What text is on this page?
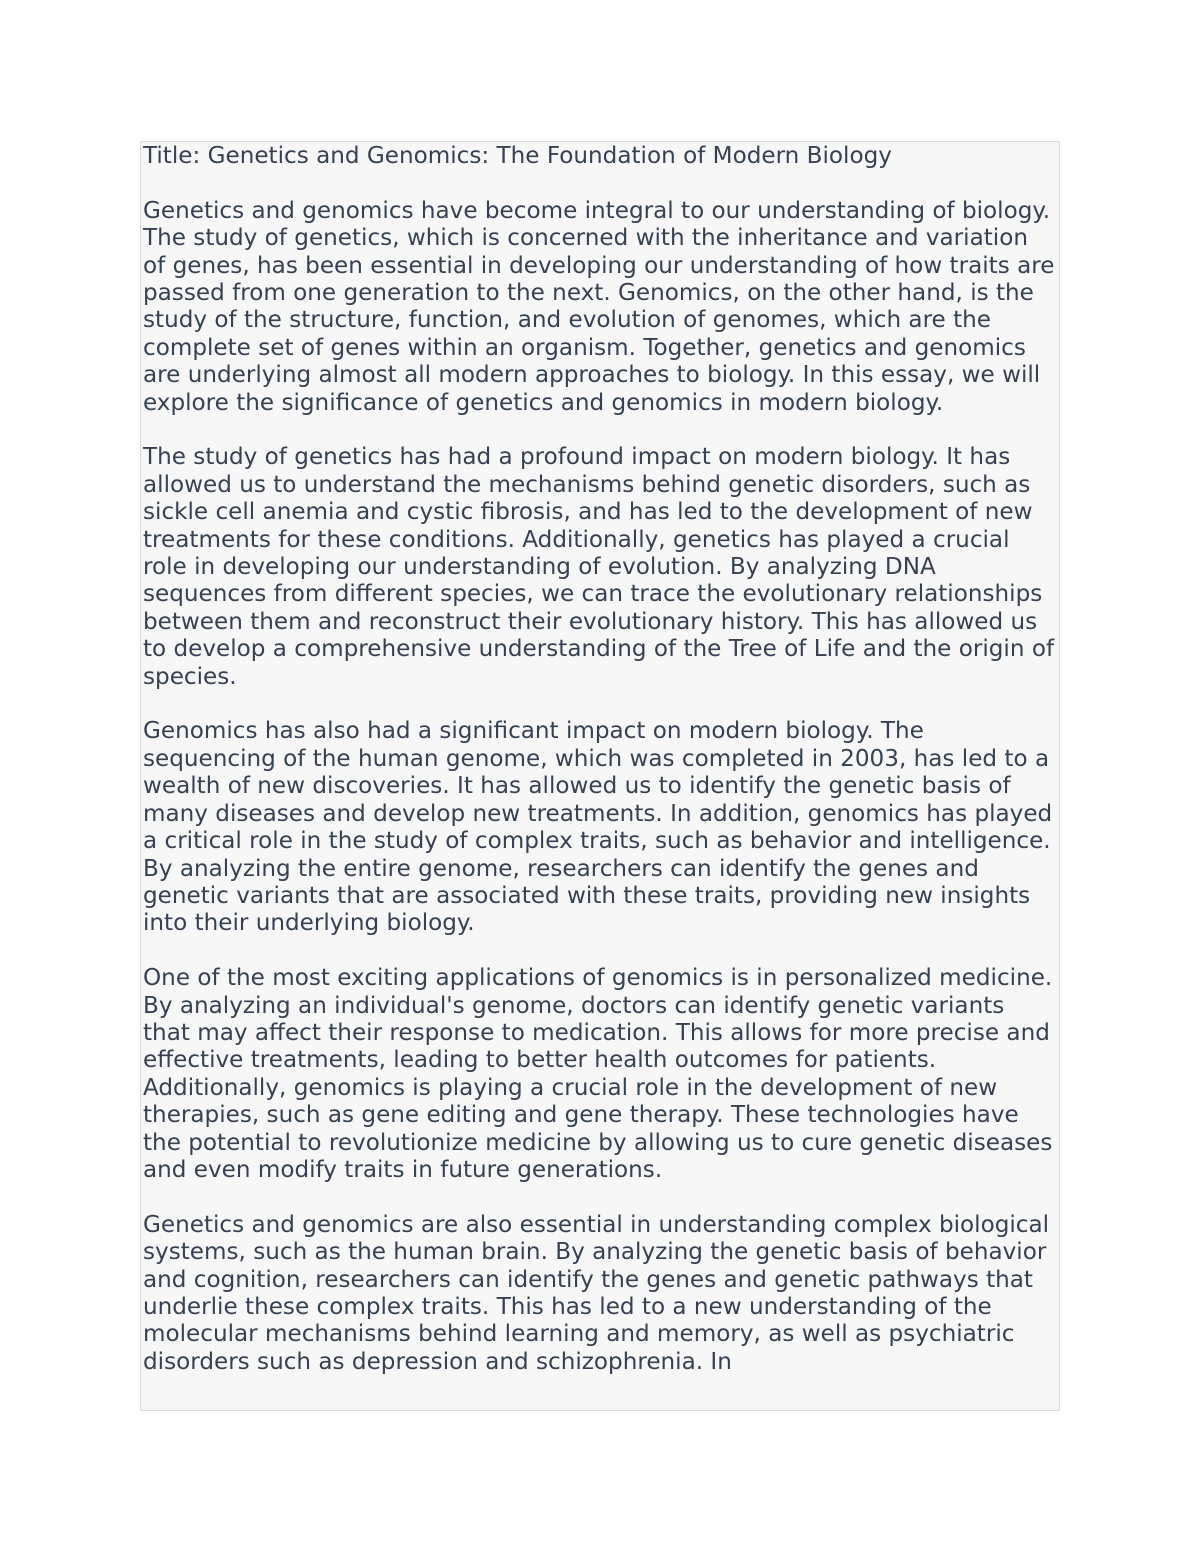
Title: Genetics and Genomics: The Foundation of Modern Biology

Genetics and genomics have become integral to our understanding of biology. The study of genetics, which is concerned with the inheritance and variation of genes, has been essential in developing our understanding of how traits are passed from one generation to the next. Genomics, on the other hand, is the study of the structure, function, and evolution of genomes, which are the complete set of genes within an organism. Together, genetics and genomics are underlying almost all modern approaches to biology. In this essay, we will explore the significance of genetics and genomics in modern biology.

The study of genetics has had a profound impact on modern biology. It has allowed us to understand the mechanisms behind genetic disorders, such as sickle cell anemia and cystic fibrosis, and has led to the development of new treatments for these conditions. Additionally, genetics has played a crucial role in developing our understanding of evolution. By analyzing DNA sequences from different species, we can trace the evolutionary relationships between them and reconstruct their evolutionary history. This has allowed us to develop a comprehensive understanding of the Tree of Life and the origin of species.

Genomics has also had a significant impact on modern biology. The sequencing of the human genome, which was completed in 2003, has led to a wealth of new discoveries. It has allowed us to identify the genetic basis of many diseases and develop new treatments. In addition, genomics has played a critical role in the study of complex traits, such as behavior and intelligence. By analyzing the entire genome, researchers can identify the genes and genetic variants that are associated with these traits, providing new insights into their underlying biology.

One of the most exciting applications of genomics is in personalized medicine. By analyzing an individual's genome, doctors can identify genetic variants that may affect their response to medication. This allows for more precise and effective treatments, leading to better health outcomes for patients. Additionally, genomics is playing a crucial role in the development of new therapies, such as gene editing and gene therapy. These technologies have the potential to revolutionize medicine by allowing us to cure genetic diseases and even modify traits in future generations.

Genetics and genomics are also essential in understanding complex biological systems, such as the human brain. By analyzing the genetic basis of behavior and cognition, researchers can identify the genes and genetic pathways that underlie these complex traits. This has led to a new understanding of the molecular mechanisms behind learning and memory, as well as psychiatric disorders such as depression and schizophrenia. In
